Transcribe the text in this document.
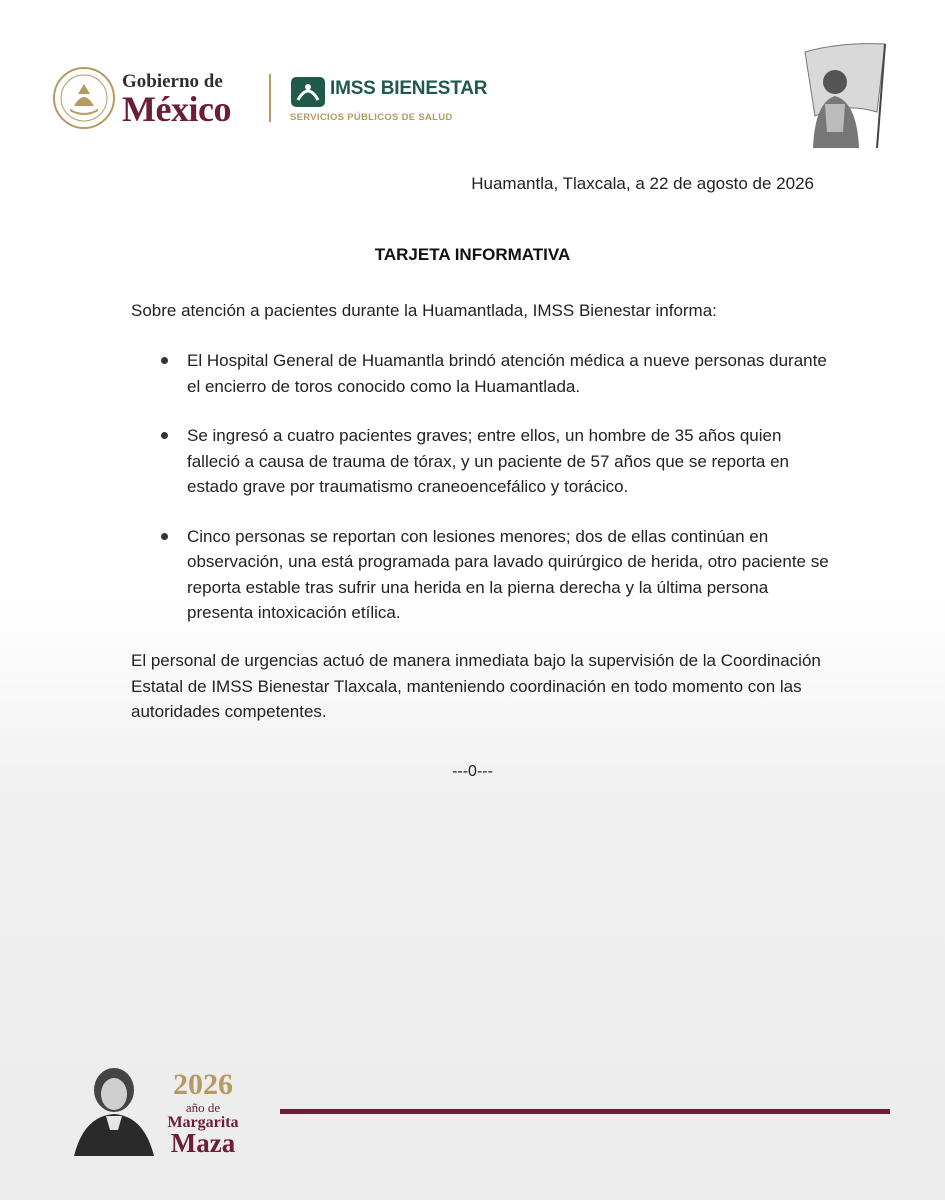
Gobierno de
México
IMSS BIENESTAR
SERVICIOS PÚBLICOS DE SALUD
Huamantla, Tlaxcala, a 22 de agosto de 2026
TARJETA INFORMATIVA
Sobre atención a pacientes durante la Huamantlada, IMSS Bienestar informa:
El Hospital General de Huamantla brindó atención médica a nueve personas durante el encierro de toros conocido como la Huamantlada.
Se ingresó a cuatro pacientes graves; entre ellos, un hombre de 35 años quien falleció a causa de trauma de tórax, y un paciente de 57 años que se reporta en estado grave por traumatismo craneoencefálico y torácico.
Cinco personas se reportan con lesiones menores; dos de ellas continúan en observación, una está programada para lavado quirúrgico de herida, otro paciente se reporta estable tras sufrir una herida en la pierna derecha y la última persona presenta intoxicación etílica.
El personal de urgencias actuó de manera inmediata bajo la supervisión de la Coordinación Estatal de IMSS Bienestar Tlaxcala, manteniendo coordinación en todo momento con las autoridades competentes.
---0---
2026
año de
Margarita
Maza
